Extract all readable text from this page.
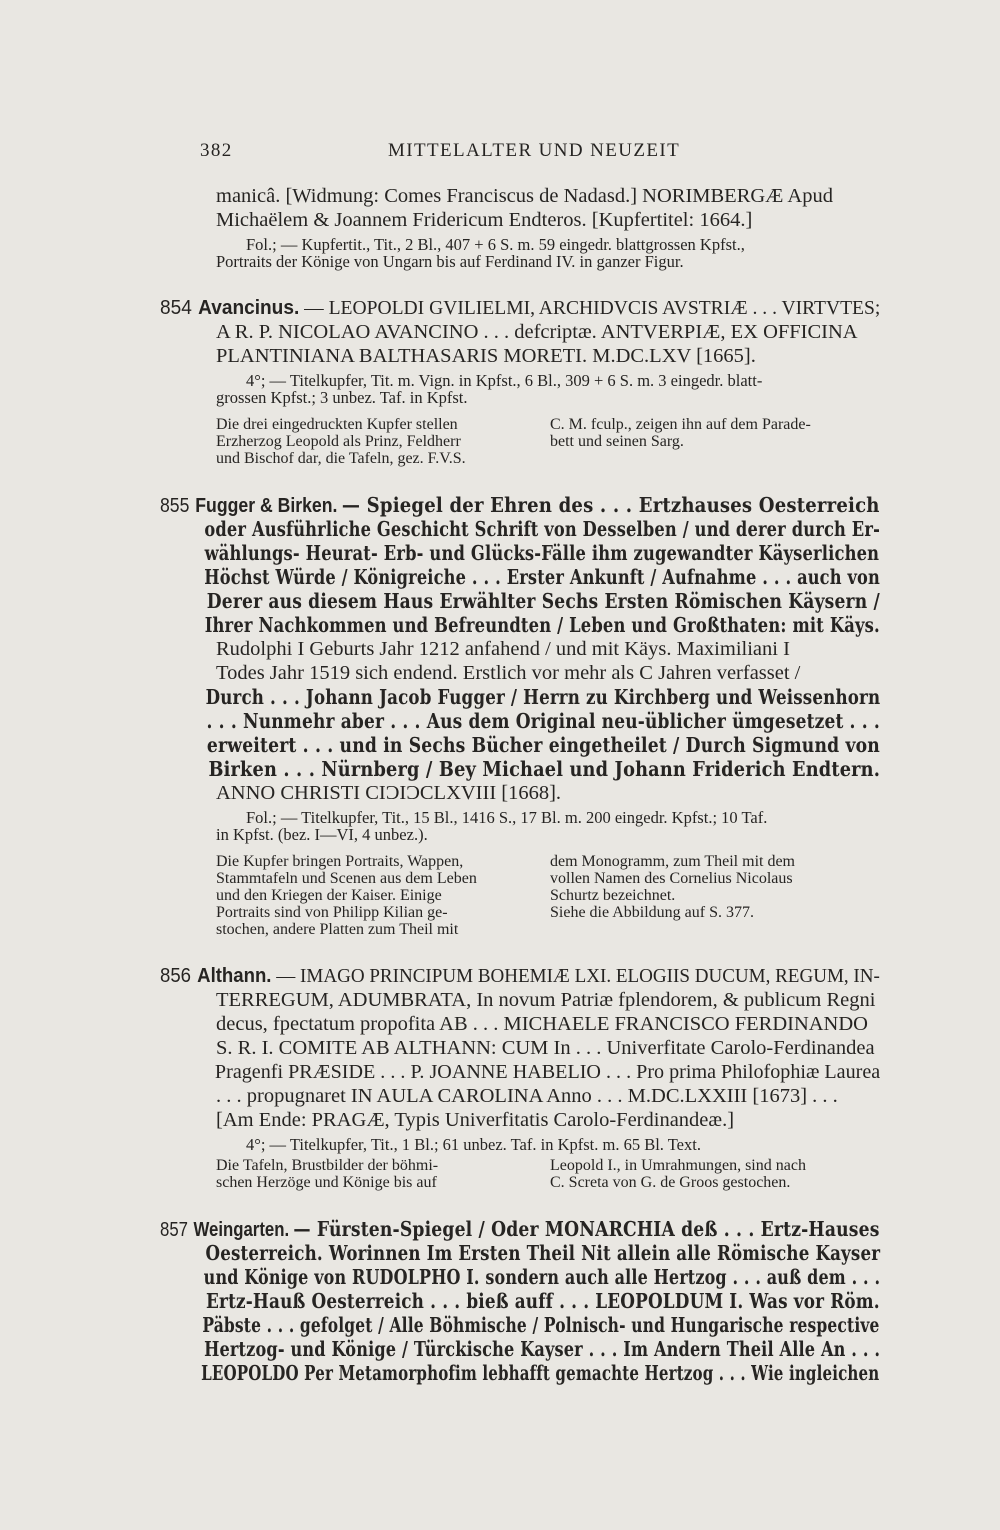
382	MITTELALTER UND NEUZEIT
manicâ. [Widmung: Comes Franciscus de Nadasd.] NORIMBERGÆ Apud
Michaëlem & Joannem Fridericum Endteros. [Kupfertitel: 1664.]
Fol.; — Kupfertit., Tit., 2 Bl., 407 + 6 S. m. 59 eingedr. blattgrossen Kpfst.,
Portraits der Könige von Ungarn bis auf Ferdinand IV. in ganzer Figur.
854 Avancinus. — LEOPOLDI GVILIELMI, ARCHIDVCIS AVSTRIÆ . . . VIRTVTES;
A R. P. NICOLAO AVANCINO . . . defcriptæ. ANTVERPIÆ, EX OFFICINA
PLANTINIANA BALTHASARIS MORETI. M.DC.LXV [1665].
4°; — Titelkupfer, Tit. m. Vign. in Kpfst., 6 Bl., 309 + 6 S. m. 3 eingedr. blatt-
grossen Kpfst.; 3 unbez. Taf. in Kpfst.
Die drei eingedruckten Kupfer stellen
Erzherzog Leopold als Prinz, Feldherr
und Bischof dar, die Tafeln, gez. F.V.S.
C. M. fculp., zeigen ihn auf dem Parade-
bett und seinen Sarg.
855 Fugger & Birken. — Spiegel der Ehren des . . . Ertzhauses Oesterreich
oder Ausführliche Geschicht Schrift von Desselben / und derer durch Er-
wählungs- Heurat- Erb- und Glücks-Fälle ihm zugewandter Käyserlichen
Höchst Würde / Königreiche . . . Erster Ankunft / Aufnahme . . . auch von
Derer aus diesem Haus Erwählter Sechs Ersten Römischen Käysern /
Ihrer Nachkommen und Befreundten / Leben und Großthaten: mit Käys.
Rudolphi I Geburts Jahr 1212 anfahend / und mit Käys. Maximiliani I
Todes Jahr 1519 sich endend. Erstlich vor mehr als C Jahren verfasset /
Durch . . . Johann Jacob Fugger / Herrn zu Kirchberg und Weissenhorn
. . . Nunmehr aber . . . Aus dem Original neu-üblicher ümgesetzet . . .
erweitert . . . und in Sechs Bücher eingetheilet / Durch Sigmund von
Birken . . . Nürnberg / Bey Michael und Johann Friderich Endtern.
ANNO CHRISTI CIƆIƆCLXVIII [1668].
Fol.; — Titelkupfer, Tit., 15 Bl., 1416 S., 17 Bl. m. 200 eingedr. Kpfst.; 10 Taf.
in Kpfst. (bez. I—VI, 4 unbez.).
Die Kupfer bringen Portraits, Wappen,
Stammtafeln und Scenen aus dem Leben
und den Kriegen der Kaiser. Einige
Portraits sind von Philipp Kilian ge-
stochen, andere Platten zum Theil mit
dem Monogramm, zum Theil mit dem
vollen Namen des Cornelius Nicolaus
Schurtz bezeichnet.
Siehe die Abbildung auf S. 377.
856 Althann. — IMAGO PRINCIPUM BOHEMIÆ LXI. ELOGIIS DUCUM, REGUM, IN-
TERREGUM, ADUMBRATA, In novum Patriæ fplendorem, & publicum Regni
decus, fpectatum propofita AB . . . MICHAELE FRANCISCO FERDINANDO
S. R. I. COMITE AB ALTHANN: CUM In . . . Univerfitate Carolo-Ferdinandea
Pragenfi PRÆSIDE . . . P. JOANNE HABELIO . . . Pro prima Philofophiæ Laurea
. . . propugnaret IN AULA CAROLINA Anno . . . M.DC.LXXIII [1673] . . .
[Am Ende: PRAGÆ, Typis Univerfitatis Carolo-Ferdinandeæ.]
4°; — Titelkupfer, Tit., 1 Bl.; 61 unbez. Taf. in Kpfst. m. 65 Bl. Text.
Die Tafeln, Brustbilder der böhmi-
schen Herzöge und Könige bis auf
Leopold I., in Umrahmungen, sind nach
C. Screta von G. de Groos gestochen.
857 Weingarten. — Fürsten-Spiegel / Oder MONARCHIA deß . . . Ertz-Hauses
Oesterreich. Worinnen Im Ersten Theil Nit allein alle Römische Kayser
und Könige von RUDOLPHO I. sondern auch alle Hertzog . . . auß dem . . .
Ertz-Hauß Oesterreich . . . bieß auff . . . LEOPOLDUM I. Was vor Röm.
Päbste . . . gefolget / Alle Böhmische / Polnisch- und Hungarische respective
Hertzog- und Könige / Türckische Kayser . . . Im Andern Theil Alle An . . .
LEOPOLDO Per Metamorphofim lebhafft gemachte Hertzog . . . Wie ingleichen
